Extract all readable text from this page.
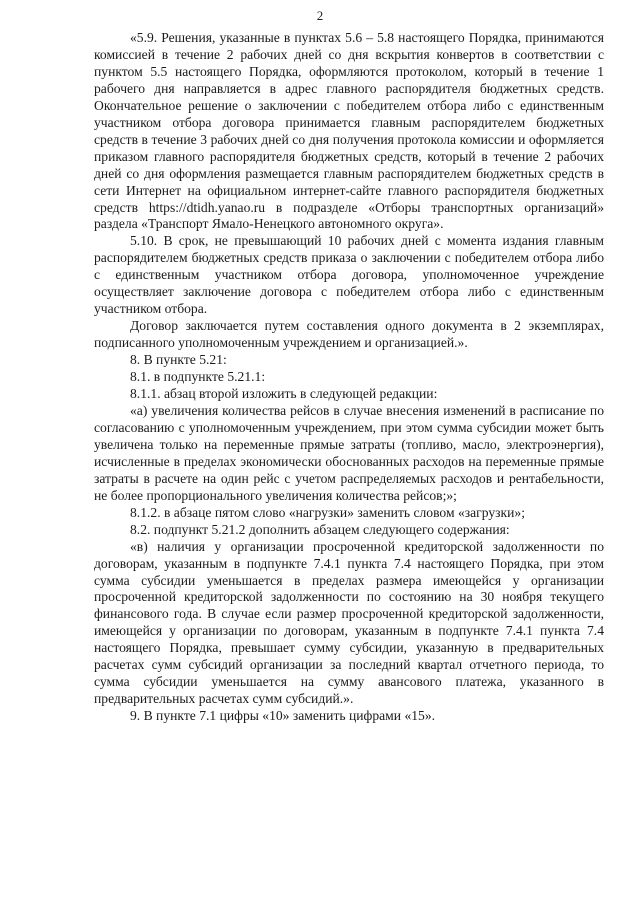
2

«5.9. Решения, указанные в пунктах 5.6 – 5.8 настоящего Порядка, принимаются комиссией в течение 2 рабочих дней со дня вскрытия конвертов в соответствии с пунктом 5.5 настоящего Порядка, оформляются протоколом, который в течение 1 рабочего дня направляется в адрес главного распорядителя бюджетных средств. Окончательное решение о заключении с победителем отбора либо с единственным участником отбора договора принимается главным распорядителем бюджетных средств в течение 3 рабочих дней со дня получения протокола комиссии и оформляется приказом главного распорядителя бюджетных средств, который в течение 2 рабочих дней со дня оформления размещается главным распорядителем бюджетных средств в сети Интернет на официальном интернет-сайте главного распорядителя бюджетных средств https://dtidh.yanao.ru в подразделе «Отборы транспортных организаций» раздела «Транспорт Ямало-Ненецкого автономного округа».

5.10. В срок, не превышающий 10 рабочих дней с момента издания главным распорядителем бюджетных средств приказа о заключении с победителем отбора либо с единственным участником отбора договора, уполномоченное учреждение осуществляет заключение договора с победителем отбора либо с единственным участником отбора.

Договор заключается путем составления одного документа в 2 экземплярах, подписанного уполномоченным учреждением и организацией.».

8. В пункте 5.21:

8.1. в подпункте 5.21.1:

8.1.1. абзац второй изложить в следующей редакции:

«а) увеличения количества рейсов в случае внесения изменений в расписание по согласованию с уполномоченным учреждением, при этом сумма субсидии может быть увеличена только на переменные прямые затраты (топливо, масло, электроэнергия), исчисленные в пределах экономически обоснованных расходов на переменные прямые затраты в расчете на один рейс с учетом распределяемых расходов и рентабельности, не более пропорционального увеличения количества рейсов;»;

8.1.2. в абзаце пятом слово «нагрузки» заменить словом «загрузки»;

8.2. подпункт 5.21.2 дополнить абзацем следующего содержания:

«в) наличия у организации просроченной кредиторской задолженности по договорам, указанным в подпункте 7.4.1 пункта 7.4 настоящего Порядка, при этом сумма субсидии уменьшается в пределах размера имеющейся у организации просроченной кредиторской задолженности по состоянию на 30 ноября текущего финансового года. В случае если размер просроченной кредиторской задолженности, имеющейся у организации по договорам, указанным в подпункте 7.4.1 пункта 7.4 настоящего Порядка, превышает сумму субсидии, указанную в предварительных расчетах сумм субсидий организации за последний квартал отчетного периода, то сумма субсидии уменьшается на сумму авансового платежа, указанного в предварительных расчетах сумм субсидий.».

9. В пункте 7.1 цифры «10» заменить цифрами «15».
